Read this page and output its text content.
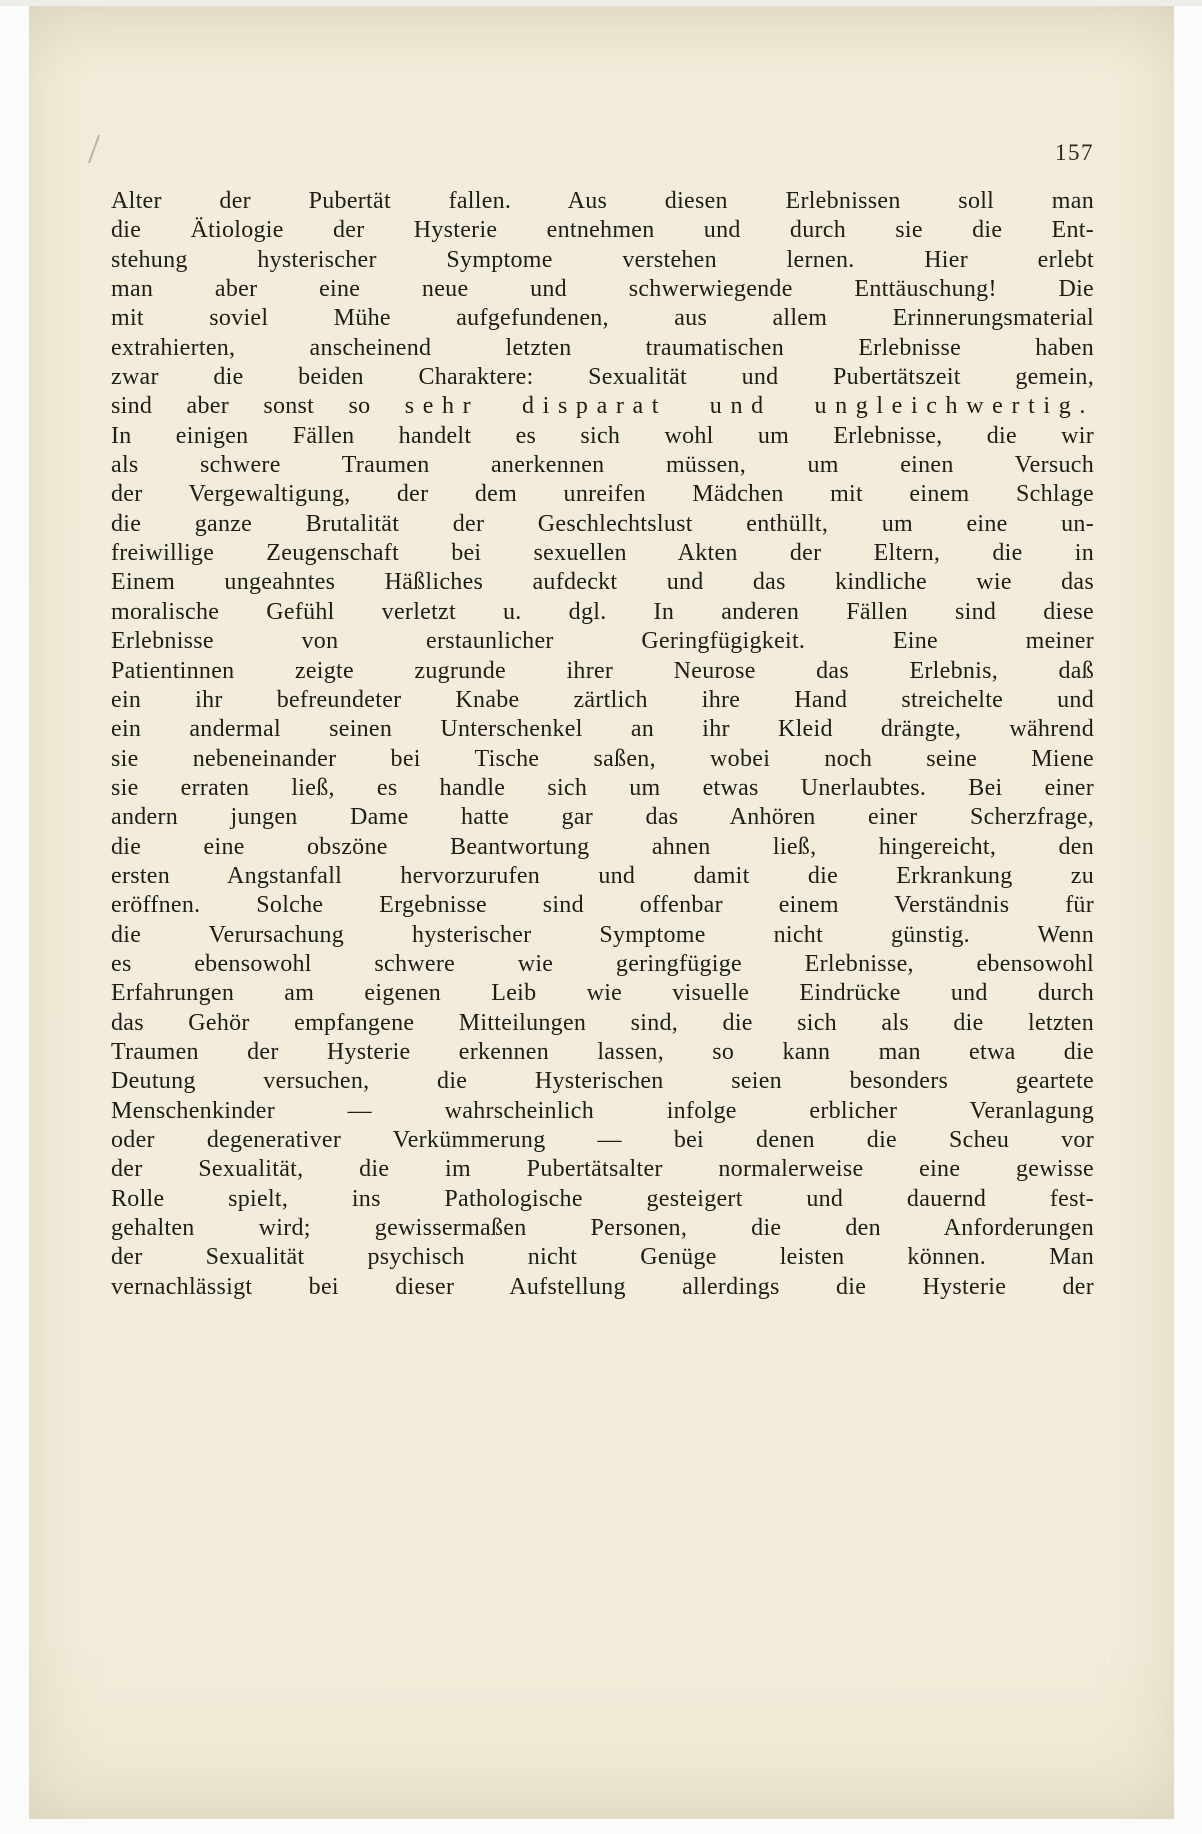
157
Alter der Pubertät fallen. Aus diesen Erlebnissen soll man
die Ätiologie der Hysterie entnehmen und durch sie die Ent-
stehung hysterischer Symptome verstehen lernen. Hier erlebt
man aber eine neue und schwerwiegende Enttäuschung! Die
mit soviel Mühe aufgefundenen, aus allem Erinnerungsmaterial
extrahierten, anscheinend letzten traumatischen Erlebnisse haben
zwar die beiden Charaktere: Sexualität und Pubertätszeit gemein,
sind aber sonst so sehr disparat und ungleichwertig.
In einigen Fällen handelt es sich wohl um Erlebnisse, die wir
als schwere Traumen anerkennen müssen, um einen Versuch
der Vergewaltigung, der dem unreifen Mädchen mit einem Schlage
die ganze Brutalität der Geschlechtslust enthüllt, um eine un-
freiwillige Zeugenschaft bei sexuellen Akten der Eltern, die in
Einem ungeahntes Häßliches aufdeckt und das kindliche wie das
moralische Gefühl verletzt u. dgl. In anderen Fällen sind diese
Erlebnisse von erstaunlicher Geringfügigkeit. Eine meiner
Patientinnen zeigte zugrunde ihrer Neurose das Erlebnis, daß
ein ihr befreundeter Knabe zärtlich ihre Hand streichelte und
ein andermal seinen Unterschenkel an ihr Kleid drängte, während
sie nebeneinander bei Tische saßen, wobei noch seine Miene
sie erraten ließ, es handle sich um etwas Unerlaubtes. Bei einer
andern jungen Dame hatte gar das Anhören einer Scherzfrage,
die eine obszöne Beantwortung ahnen ließ, hingereicht, den
ersten Angstanfall hervorzurufen und damit die Erkrankung zu
eröffnen. Solche Ergebnisse sind offenbar einem Verständnis für
die Verursachung hysterischer Symptome nicht günstig. Wenn
es ebensowohl schwere wie geringfügige Erlebnisse, ebensowohl
Erfahrungen am eigenen Leib wie visuelle Eindrücke und durch
das Gehör empfangene Mitteilungen sind, die sich als die letzten
Traumen der Hysterie erkennen lassen, so kann man etwa die
Deutung versuchen, die Hysterischen seien besonders geartete
Menschenkinder — wahrscheinlich infolge erblicher Veranlagung
oder degenerativer Verkümmerung — bei denen die Scheu vor
der Sexualität, die im Pubertätsalter normalerweise eine gewisse
Rolle spielt, ins Pathologische gesteigert und dauernd fest-
gehalten wird; gewissermaßen Personen, die den Anforderungen
der Sexualität psychisch nicht Genüge leisten können. Man
vernachlässigt bei dieser Aufstellung allerdings die Hysterie der
